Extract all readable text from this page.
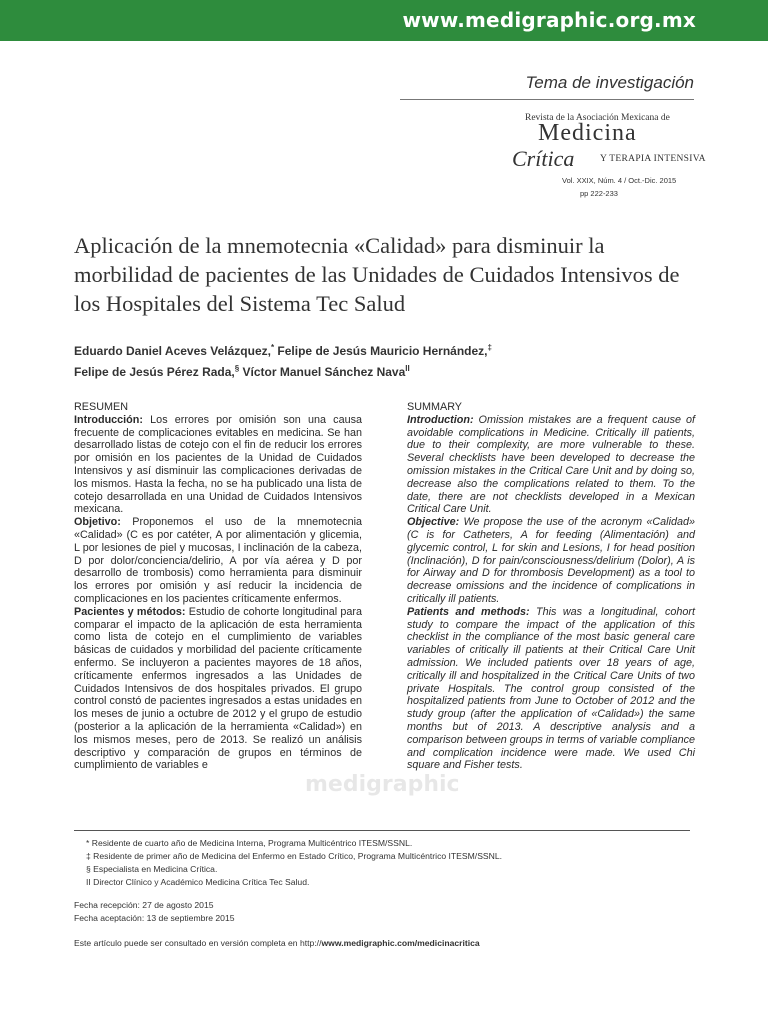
www.medigraphic.org.mx
Tema de investigación
Revista de la Asociación Mexicana de
Medicina
Crítica	Y TERAPIA INTENSIVA
Vol. XXIX, Núm. 4 / Oct.-Dic. 2015
pp 222-233
Aplicación de la mnemotecnia «Calidad» para disminuir la morbilidad de pacientes de las Unidades de Cuidados Intensivos de los Hospitales del Sistema Tec Salud
Eduardo Daniel Aceves Velázquez,* Felipe de Jesús Mauricio Hernández,‡
Felipe de Jesús Pérez Rada,§ Víctor Manuel Sánchez Nava$^{II}$

RESUMEN

Introducción: Los errores por omisión son una causa frecuente de complicaciones evitables en medicina. Se han desarrollado listas de cotejo con el fin de reducir los errores por omisión en los pacientes de la Unidad de Cuidados Intensivos y así disminuir las complicaciones derivadas de los mismos. Hasta la fecha, no se ha publicado una lista de cotejo desarrollada en una Unidad de Cuidados Intensivos mexicana.

Objetivo: Proponemos el uso de la mnemotecnia «Calidad» (C es por catéter, A por alimentación y glicemia, L por lesiones de piel y mucosas, I inclinación de la cabeza, D por dolor/conciencia/delirio, A por vía aérea y D por desarrollo de trombosis) como herramienta para disminuir los errores por omisión y así reducir la incidencia de complicaciones en los pacientes críticamente enfermos.

Pacientes y métodos: Estudio de cohorte longitudinal para comparar el impacto de la aplicación de esta herramienta como lista de cotejo en el cumplimiento de variables básicas de cuidados y morbilidad del paciente críticamente enfermo. Se incluyeron a pacientes mayores de 18 años, críticamente enfermos ingresados a las Unidades de Cuidados Intensivos de dos hospitales privados. El grupo control constó de pacientes ingresados a estas unidades en los meses de junio a octubre de 2012 y el grupo de estudio (posterior a la aplicación de la herramienta «Calidad») en los mismos meses, pero de 2013. Se realizó un análisis descriptivo y comparación de grupos en términos de cumplimiento de variables e

SUMMARY

Introduction: Omission mistakes are a frequent cause of avoidable complications in Medicine. Critically ill patients, due to their complexity, are more vulnerable to these. Several checklists have been developed to decrease the omission mistakes in the Critical Care Unit and by doing so, decrease also the complications related to them. To the date, there are not checklists developed in a Mexican Critical Care Unit.

Objective: We propose the use of the acronym «Calidad» (C is for Catheters, A for feeding (Alimentación) and glycemic control, L for skin and Lesions, I for head position (Inclinación), D for pain/consciousness/delirium (Dolor), A is for Airway and D for thrombosis Development) as a tool to decrease omissions and the incidence of complications in critically ill patients.

Patients and methods: This was a longitudinal, cohort study to compare the impact of the application of this checklist in the compliance of the most basic general care variables of critically ill patients at their Critical Care Unit admission. We included patients over 18 years of age, critically ill and hospitalized in the Critical Care Units of two private Hospitals. The control group consisted of the hospitalized patients from June to October of 2012 and the study group (after the application of «Calidad») the same months but of 2013. A descriptive analysis and a comparison between groups in terms of variable compliance and complication incidence were made. We used Chi square and Fisher tests.

medigraphic
* Residente de cuarto año de Medicina Interna, Programa Multicéntrico ITESM/SSNL.
‡ Residente de primer año de Medicina del Enfermo en Estado Crítico, Programa Multicéntrico ITESM/SSNL.
§ Especialista en Medicina Crítica.
II Director Clínico y Académico Medicina Crítica Tec Salud.
Fecha recepción: 27 de agosto 2015
Fecha aceptación: 13 de septiembre 2015
Este artículo puede ser consultado en versión completa en http://www.medigraphic.com/medicinacritica
